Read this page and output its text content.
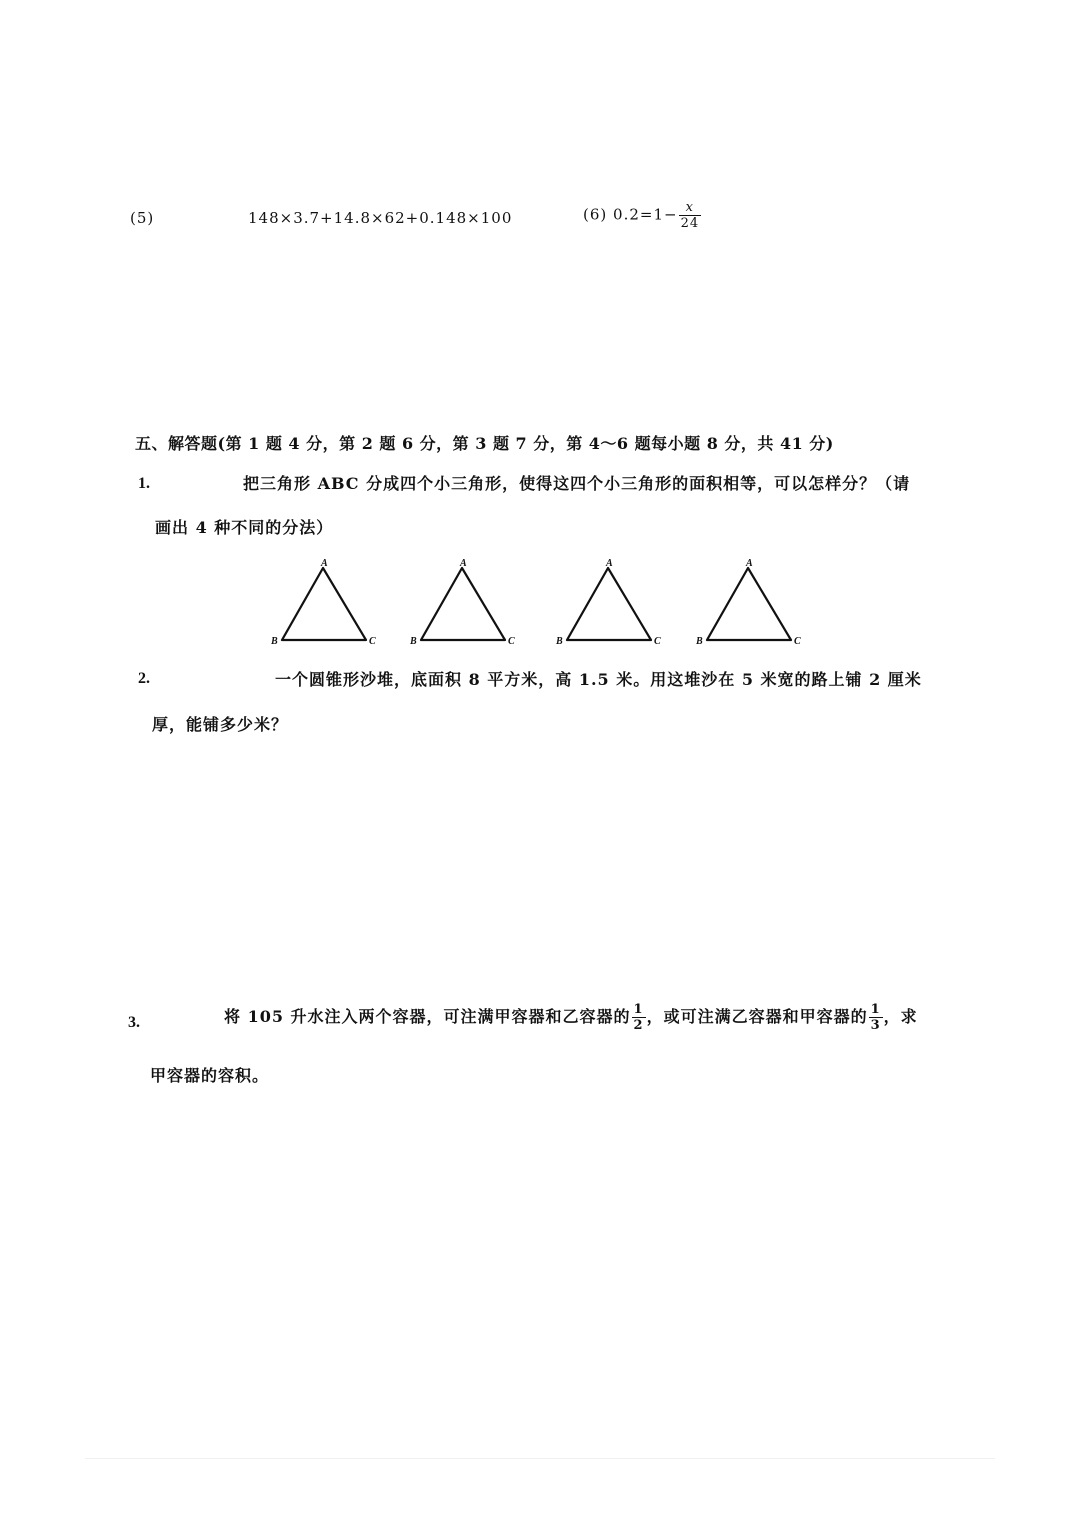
(5)	148×3.7+14.8×62+0.148×100	(6) $0.2=1- \frac{x}{24}$
五、解答题(第 1 题 4 分，第 2 题 6 分，第 3 题 7 分，第 4～6 题每小题 8 分，共 41 分)
1.	把三角形 ABC 分成四个小三角形，使得这四个小三角形的面积相等，可以怎样分？（请
画出 4 种不同的分法）
A
B	C
A
B	C
A
B	C
A
B	C
2.	一个圆锥形沙堆，底面积 8 平方米，高 1.5 米。用这堆沙在 5 米宽的路上铺 2 厘米
厚，能铺多少米？
3.	将 105 升水注入两个容器，可注满甲容器和乙容器的 $\frac{1}{2}$ ，或可注满乙容器和甲容器的 $\frac{1}{3}$ ，求
甲容器的容积。
